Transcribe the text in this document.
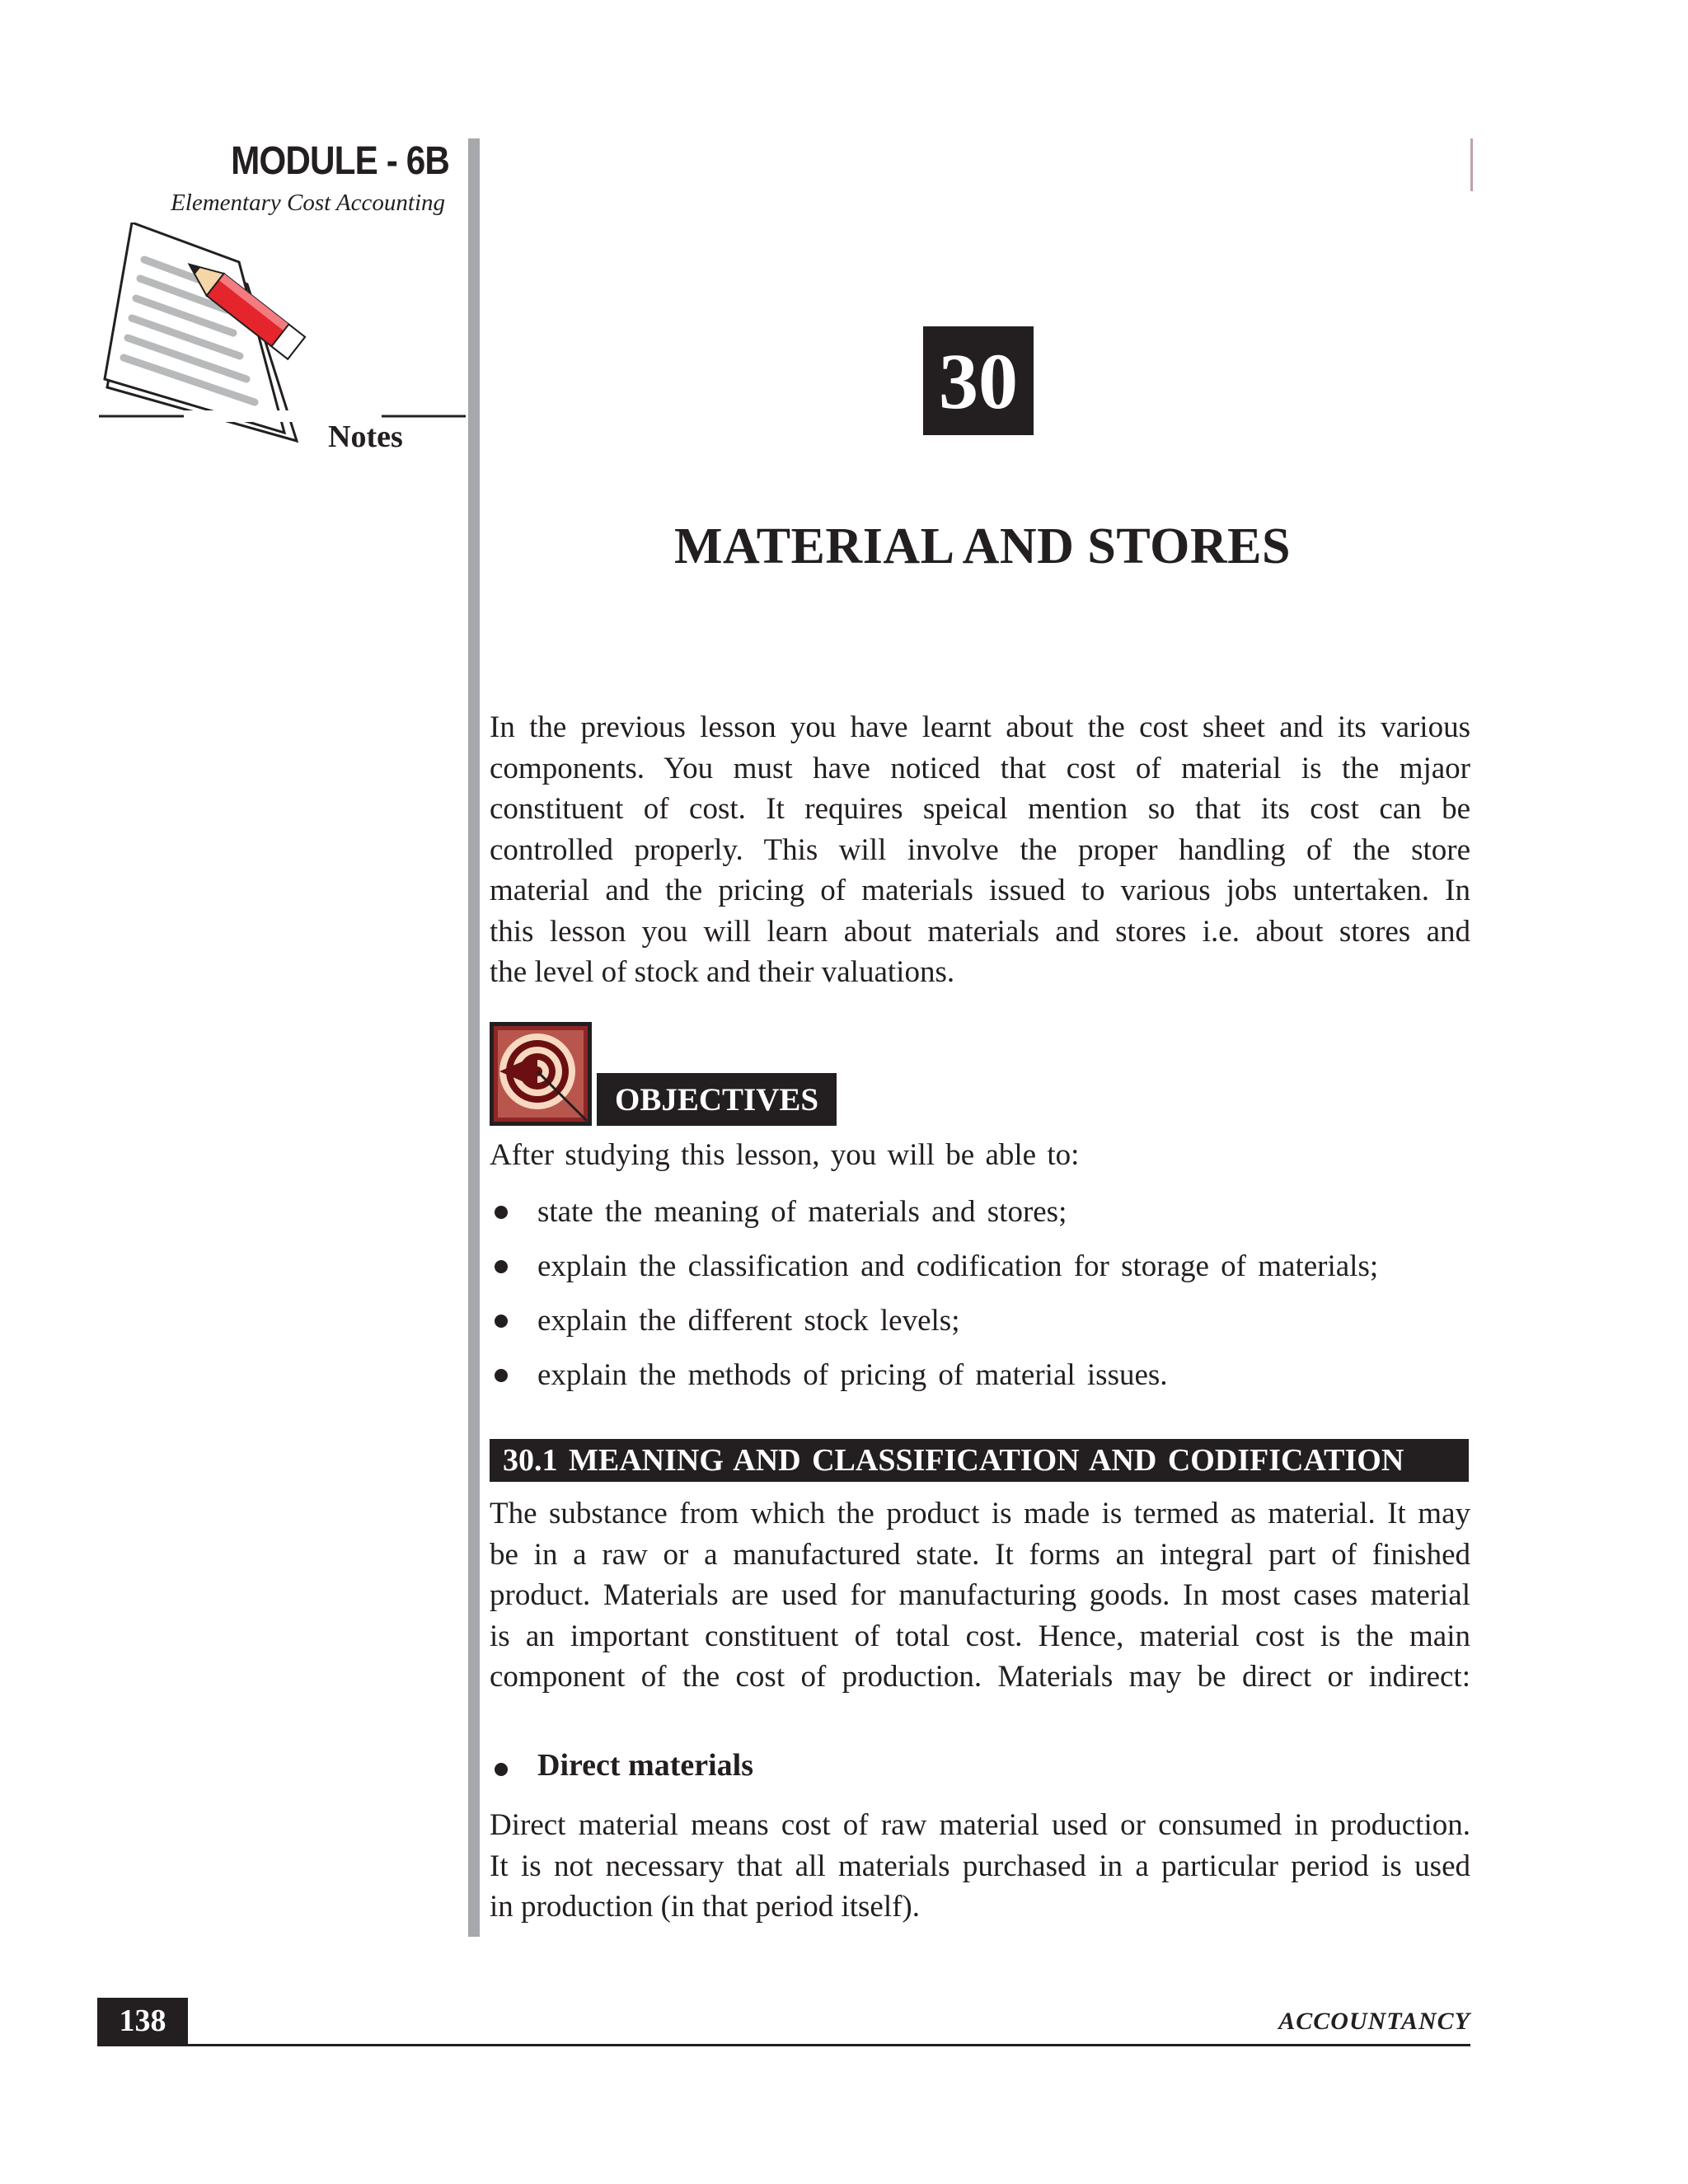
MODULE - 6B
Elementary Cost Accounting
Notes
30
MATERIAL AND STORES
In the previous lesson you have learnt about the cost sheet and its various
components. You must have noticed that cost of material is the mjaor
constituent of cost. It requires speical mention so that its cost can be
controlled properly. This will involve the proper handling of the store
material and the pricing of materials issued to various jobs untertaken. In
this lesson you will learn about materials and stores i.e. about stores and
the level of stock and their valuations.
OBJECTIVES
After studying this lesson, you will be able to:
state the meaning of materials and stores;
explain the classification and codification for storage of materials;
explain the different stock levels;
explain the methods of pricing of material issues.
30.1 MEANING AND CLASSIFICATION AND CODIFICATION
The substance from which the product is made is termed as material. It may
be in a raw or a manufactured state. It forms an integral part of finished
product. Materials are used for manufacturing goods. In most cases material
is an important constituent of total cost. Hence, material cost is the main
component of the cost of production. Materials may be direct or indirect:
Direct materials
Direct material means cost of raw material used or consumed in production.
It is not necessary that all materials purchased in a particular period is used
in production (in that period itself).
138	ACCOUNTANCY
